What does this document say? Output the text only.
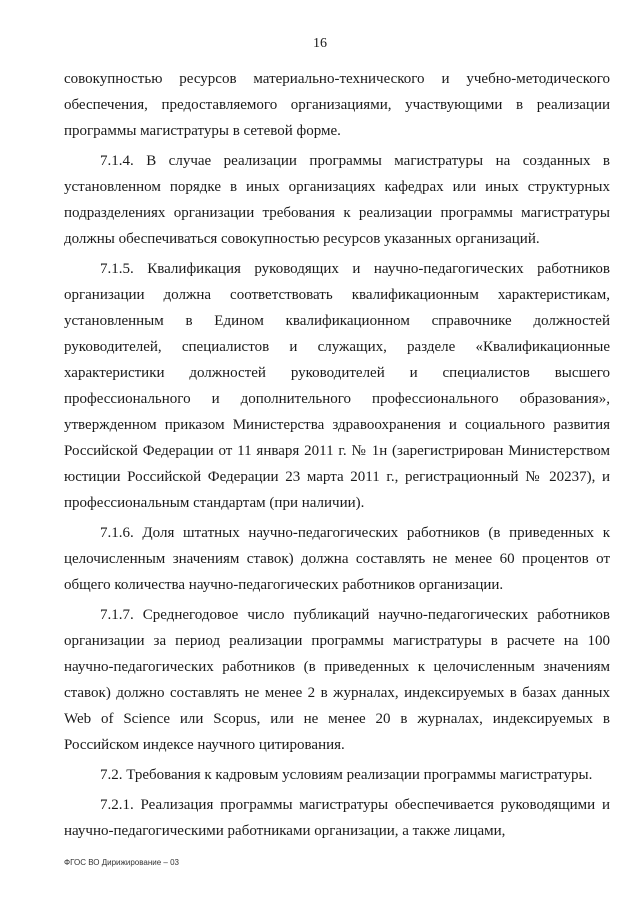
16

совокупностью ресурсов материально-технического и учебно-методического обеспечения, предоставляемого организациями, участвующими в реализации программы магистратуры в сетевой форме.

7.1.4. В случае реализации программы магистратуры на созданных в установленном порядке в иных организациях кафедрах или иных структурных подразделениях организации требования к реализации программы магистратуры должны обеспечиваться совокупностью ресурсов указанных организаций.

7.1.5. Квалификация руководящих и научно-педагогических работников организации должна соответствовать квалификационным характеристикам, установленным в Едином квалификационном справочнике должностей руководителей, специалистов и служащих, разделе «Квалификационные характеристики должностей руководителей и специалистов высшего профессионального и дополнительного профессионального образования», утвержденном приказом Министерства здравоохранения и социального развития Российской Федерации от 11 января 2011 г. № 1н (зарегистрирован Министерством юстиции Российской Федерации 23 марта 2011 г., регистрационный № 20237), и профессиональным стандартам (при наличии).

7.1.6. Доля штатных научно-педагогических работников (в приведенных к целочисленным значениям ставок) должна составлять не менее 60 процентов от общего количества научно-педагогических работников организации.

7.1.7. Среднегодовое число публикаций научно-педагогических работников организации за период реализации программы магистратуры в расчете на 100 научно-педагогических работников (в приведенных к целочисленным значениям ставок) должно составлять не менее 2 в журналах, индексируемых в базах данных Web of Science или Scopus, или не менее 20 в журналах, индексируемых в Российском индексе научного цитирования.

7.2. Требования к кадровым условиям реализации программы магистратуры.

7.2.1. Реализация программы магистратуры обеспечивается руководящими и научно-педагогическими работниками организации, а также лицами,

ФГОС ВО Дирижирование – 03
